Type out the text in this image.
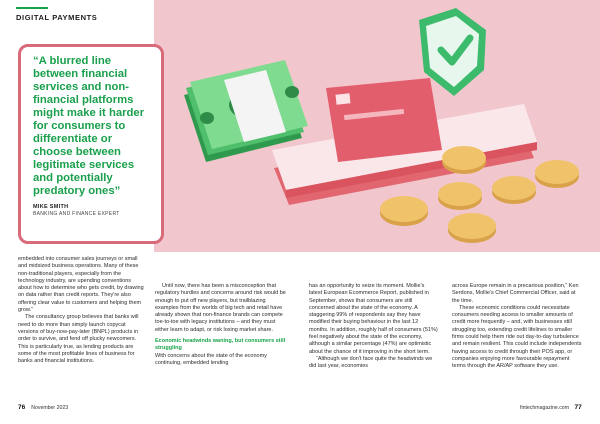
DIGITAL PAYMENTS

“A blurred line between financial services and non-financial platforms might make it harder for consumers to differentiate or choose between legitimate services and potentially predatory ones”

MIKE SMITH
BANKING AND FINANCE EXPERT

embedded into consumer sales journeys or small and midsized business operations. Many of these non-traditional players, especially from the technology industry, are upending conventions about how to determine who gets credit, by drawing on data rather than credit reports. They're also offering clear value to customers and helping them grow.”

The consultancy group believes that banks will need to do more than simply launch copycat versions of buy-now-pay-later (BNPL) products in order to survive, and fend off plucky newcomers. This is particularly true, as lending products are some of the most profitable lines of business for banks and financial institutions.

Until now, there has been a misconception that regulatory hurdles and concerns around risk would be enough to put off new players, but trailblazing examples from the worlds of big tech and retail have already shown that non-finance brands can compete toe-to-toe with legacy institutions – and they must either learn to adapt, or risk losing market share.

Economic headwinds waning, but consumers still struggling

With concerns about the state of the economy continuing, embedded lending

has an opportunity to seize its moment. Mollie's latest European Ecommerce Report, published in September, shows that consumers are still concerned about the state of the economy. A staggering 99% of respondents say they have modified their buying behaviour in the last 12 months. In addition, roughly half of consumers (51%) feel negatively about the state of the economy, although a similar percentage (47%) are optimistic about the chance of it improving in the short term.

“Although we don't face quite the headwinds we did last year, economies

across Europe remain in a precarious position,” Ken Serdons, Mollie's Chief Commercial Officer, said at the time.

These economic conditions could necessitate consumers needing access to smaller amounts of credit more frequently – and, with businesses still struggling too, extending credit lifelines to smaller firms could help them ride out day-to-day turbulence and remain resilient. This could include independents having access to credit through their POS app, or companies enjoying more favourable repayment terms through the AR/AP software they use.

76 November 2023	fintechmagazine.com 77
